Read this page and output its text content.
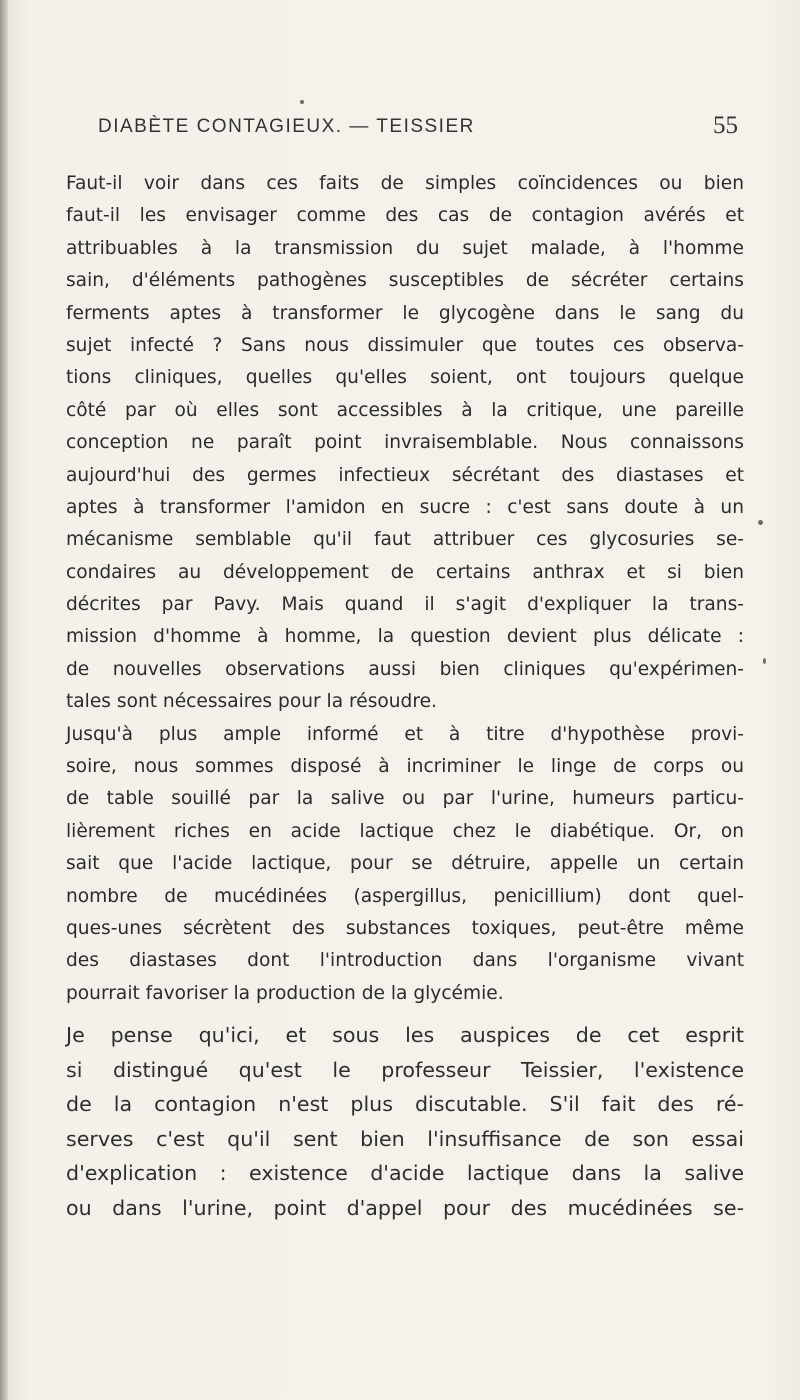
DIABÈTE CONTAGIEUX. — TEISSIER	55
Faut-il voir dans ces faits de simples coïncidences ou bien
faut-il les envisager comme des cas de contagion avérés et
attribuables à la transmission du sujet malade, à l'homme
sain, d'éléments pathogènes susceptibles de sécréter certains
ferments aptes à transformer le glycogène dans le sang du
sujet infecté ? Sans nous dissimuler que toutes ces observa-
tions cliniques, quelles qu'elles soient, ont toujours quelque
côté par où elles sont accessibles à la critique, une pareille
conception ne paraît point invraisemblable. Nous connaissons
aujourd'hui des germes infectieux sécrétant des diastases et
aptes à transformer l'amidon en sucre : c'est sans doute à un
mécanisme semblable qu'il faut attribuer ces glycosuries se-
condaires au développement de certains anthrax et si bien
décrites par Pavy. Mais quand il s'agit d'expliquer la trans-
mission d'homme à homme, la question devient plus délicate :
de nouvelles observations aussi bien cliniques qu'expérimen-
tales sont nécessaires pour la résoudre.
Jusqu'à plus ample informé et à titre d'hypothèse provi-
soire, nous sommes disposé à incriminer le linge de corps ou
de table souillé par la salive ou par l'urine, humeurs particu-
lièrement riches en acide lactique chez le diabétique. Or, on
sait que l'acide lactique, pour se détruire, appelle un certain
nombre de mucédinées (aspergillus, penicillium) dont quel-
ques-unes sécrètent des substances toxiques, peut-être même
des diastases dont l'introduction dans l'organisme vivant
pourrait favoriser la production de la glycémie.
Je pense qu'ici, et sous les auspices de cet esprit
si distingué qu'est le professeur Teissier, l'existence
de la contagion n'est plus discutable. S'il fait des ré-
serves c'est qu'il sent bien l'insuffisance de son essai
d'explication : existence d'acide lactique dans la salive
ou dans l'urine, point d'appel pour des mucédinées se-
